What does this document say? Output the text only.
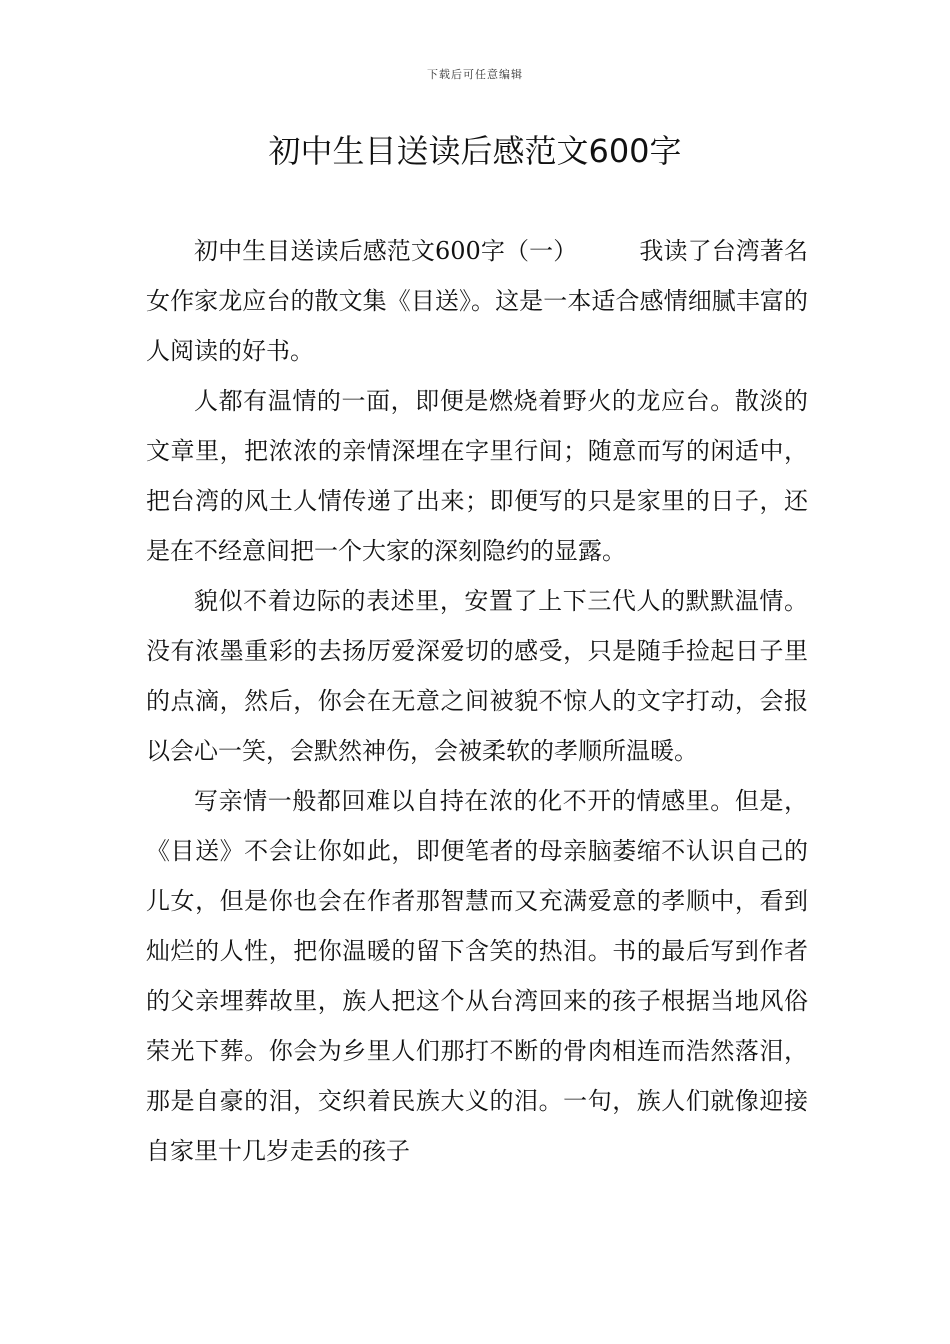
下载后可任意编辑
初中生目送读后感范文600字

初中生目送读后感范文600字（一）	我读了台湾著名女作家龙应台的散文集《目送》。这是一本适合感情细腻丰富的人阅读的好书。

人都有温情的一面，即便是燃烧着野火的龙应台。散淡的文章里，把浓浓的亲情深埋在字里行间；随意而写的闲适中，把台湾的风土人情传递了出来；即便写的只是家里的日子，还是在不经意间把一个大家的深刻隐约的显露。

貌似不着边际的表述里，安置了上下三代人的默默温情。没有浓墨重彩的去扬厉爱深爱切的感受，只是随手捡起日子里的点滴，然后，你会在无意之间被貌不惊人的文字打动，会报以会心一笑，会默然神伤，会被柔软的孝顺所温暖。

写亲情一般都回难以自持在浓的化不开的情感里。但是，《目送》不会让你如此，即便笔者的母亲脑萎缩不认识自己的儿女，但是你也会在作者那智慧而又充满爱意的孝顺中，看到灿烂的人性，把你温暖的留下含笑的热泪。书的最后写到作者的父亲埋葬故里，族人把这个从台湾回来的孩子根据当地风俗荣光下葬。你会为乡里人们那打不断的骨肉相连而浩然落泪，那是自豪的泪，交织着民族大义的泪。一句，族人们就像迎接自家里十几岁走丢的孩子
